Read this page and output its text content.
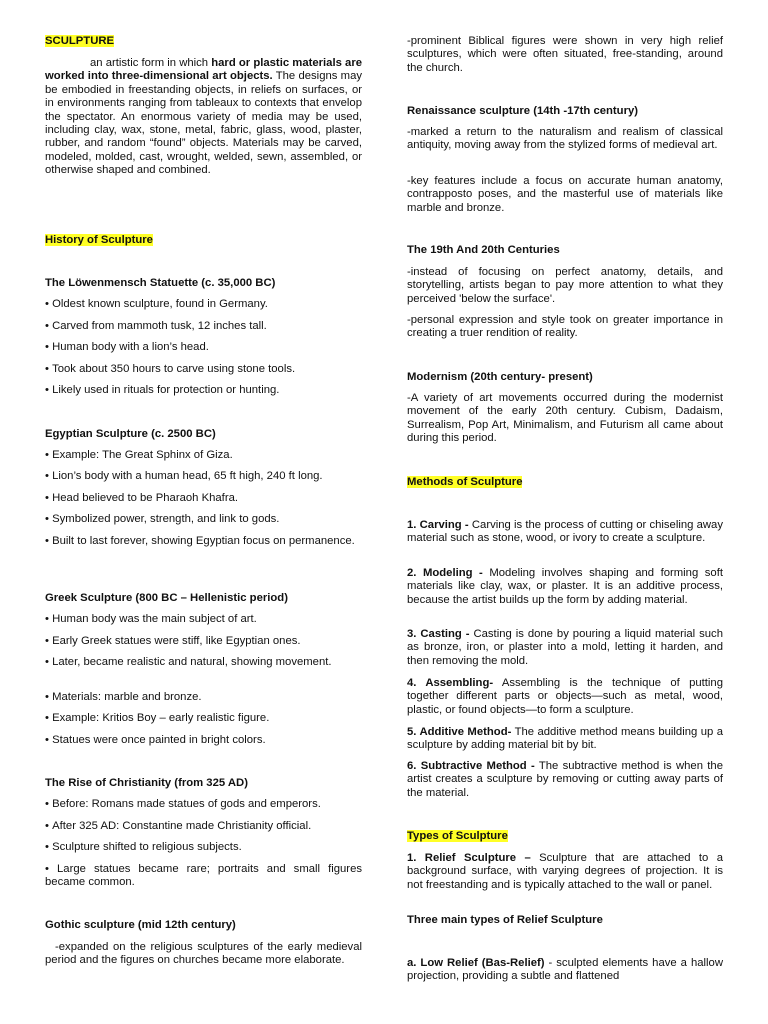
SCULPTURE

an artistic form in which hard or plastic materials are worked into three-dimensional art objects. The designs may be embodied in freestanding objects, in reliefs on surfaces, or in environments ranging from tableaux to contexts that envelop the spectator. An enormous variety of media may be used, including clay, wax, stone, metal, fabric, glass, wood, plaster, rubber, and random “found” objects. Materials may be carved, modeled, molded, cast, wrought, welded, sewn, assembled, or otherwise shaped and combined.

History of Sculpture
The Löwenmensch Statuette (c. 35,000 BC)

• Oldest known sculpture, found in Germany.

• Carved from mammoth tusk, 12 inches tall.

• Human body with a lion’s head.

• Took about 350 hours to carve using stone tools.

• Likely used in rituals for protection or hunting.

Egyptian Sculpture (c. 2500 BC)

• Example: The Great Sphinx of Giza.

• Lion’s body with a human head, 65 ft high, 240 ft long.

• Head believed to be Pharaoh Khafra.

• Symbolized power, strength, and link to gods.

• Built to last forever, showing Egyptian focus on permanence.

Greek Sculpture (800 BC – Hellenistic period)

• Human body was the main subject of art.

• Early Greek statues were stiff, like Egyptian ones.

• Later, became realistic and natural, showing movement.

• Materials: marble and bronze.

• Example: Kritios Boy – early realistic figure.

• Statues were once painted in bright colors.

The Rise of Christianity (from 325 AD)

• Before: Romans made statues of gods and emperors.

• After 325 AD: Constantine made Christianity official.

• Sculpture shifted to religious subjects.

• Large statues became rare; portraits and small figures became common.

Gothic sculpture (mid 12th century)

-expanded on the religious sculptures of the early medieval period and the figures on churches became more elaborate.

-prominent Biblical figures were shown in very high relief sculptures, which were often situated, free-standing, around the church.

Renaissance sculpture (14th -17th century)

-marked a return to the naturalism and realism of classical antiquity, moving away from the stylized forms of medieval art.

-key features include a focus on accurate human anatomy, contrapposto poses, and the masterful use of materials like marble and bronze.

The 19th And 20th Centuries

-instead of focusing on perfect anatomy, details, and storytelling, artists began to pay more attention to what they perceived 'below the surface'.

-personal expression and style took on greater importance in creating a truer rendition of reality.

Modernism (20th century- present)

-A variety of art movements occurred during the modernist movement of the early 20th century. Cubism, Dadaism, Surrealism, Pop Art, Minimalism, and Futurism all came about during this period.

Methods of Sculpture

1. Carving - Carving is the process of cutting or chiseling away material such as stone, wood, or ivory to create a sculpture.

2. Modeling - Modeling involves shaping and forming soft materials like clay, wax, or plaster. It is an additive process, because the artist builds up the form by adding material.

3. Casting - Casting is done by pouring a liquid material such as bronze, iron, or plaster into a mold, letting it harden, and then removing the mold.

4. Assembling- Assembling is the technique of putting together different parts or objects—such as metal, wood, plastic, or found objects—to form a sculpture.

5. Additive Method- The additive method means building up a sculpture by adding material bit by bit.

6. Subtractive Method - The subtractive method is when the artist creates a sculpture by removing or cutting away parts of the material.

Types of Sculpture

1. Relief Sculpture – Sculpture that are attached to a background surface, with varying degrees of projection. It is not freestanding and is typically attached to the wall or panel.

Three main types of Relief Sculpture

a. Low Relief (Bas-Relief) - sculpted elements have a hallow projection, providing a subtle and flattened
